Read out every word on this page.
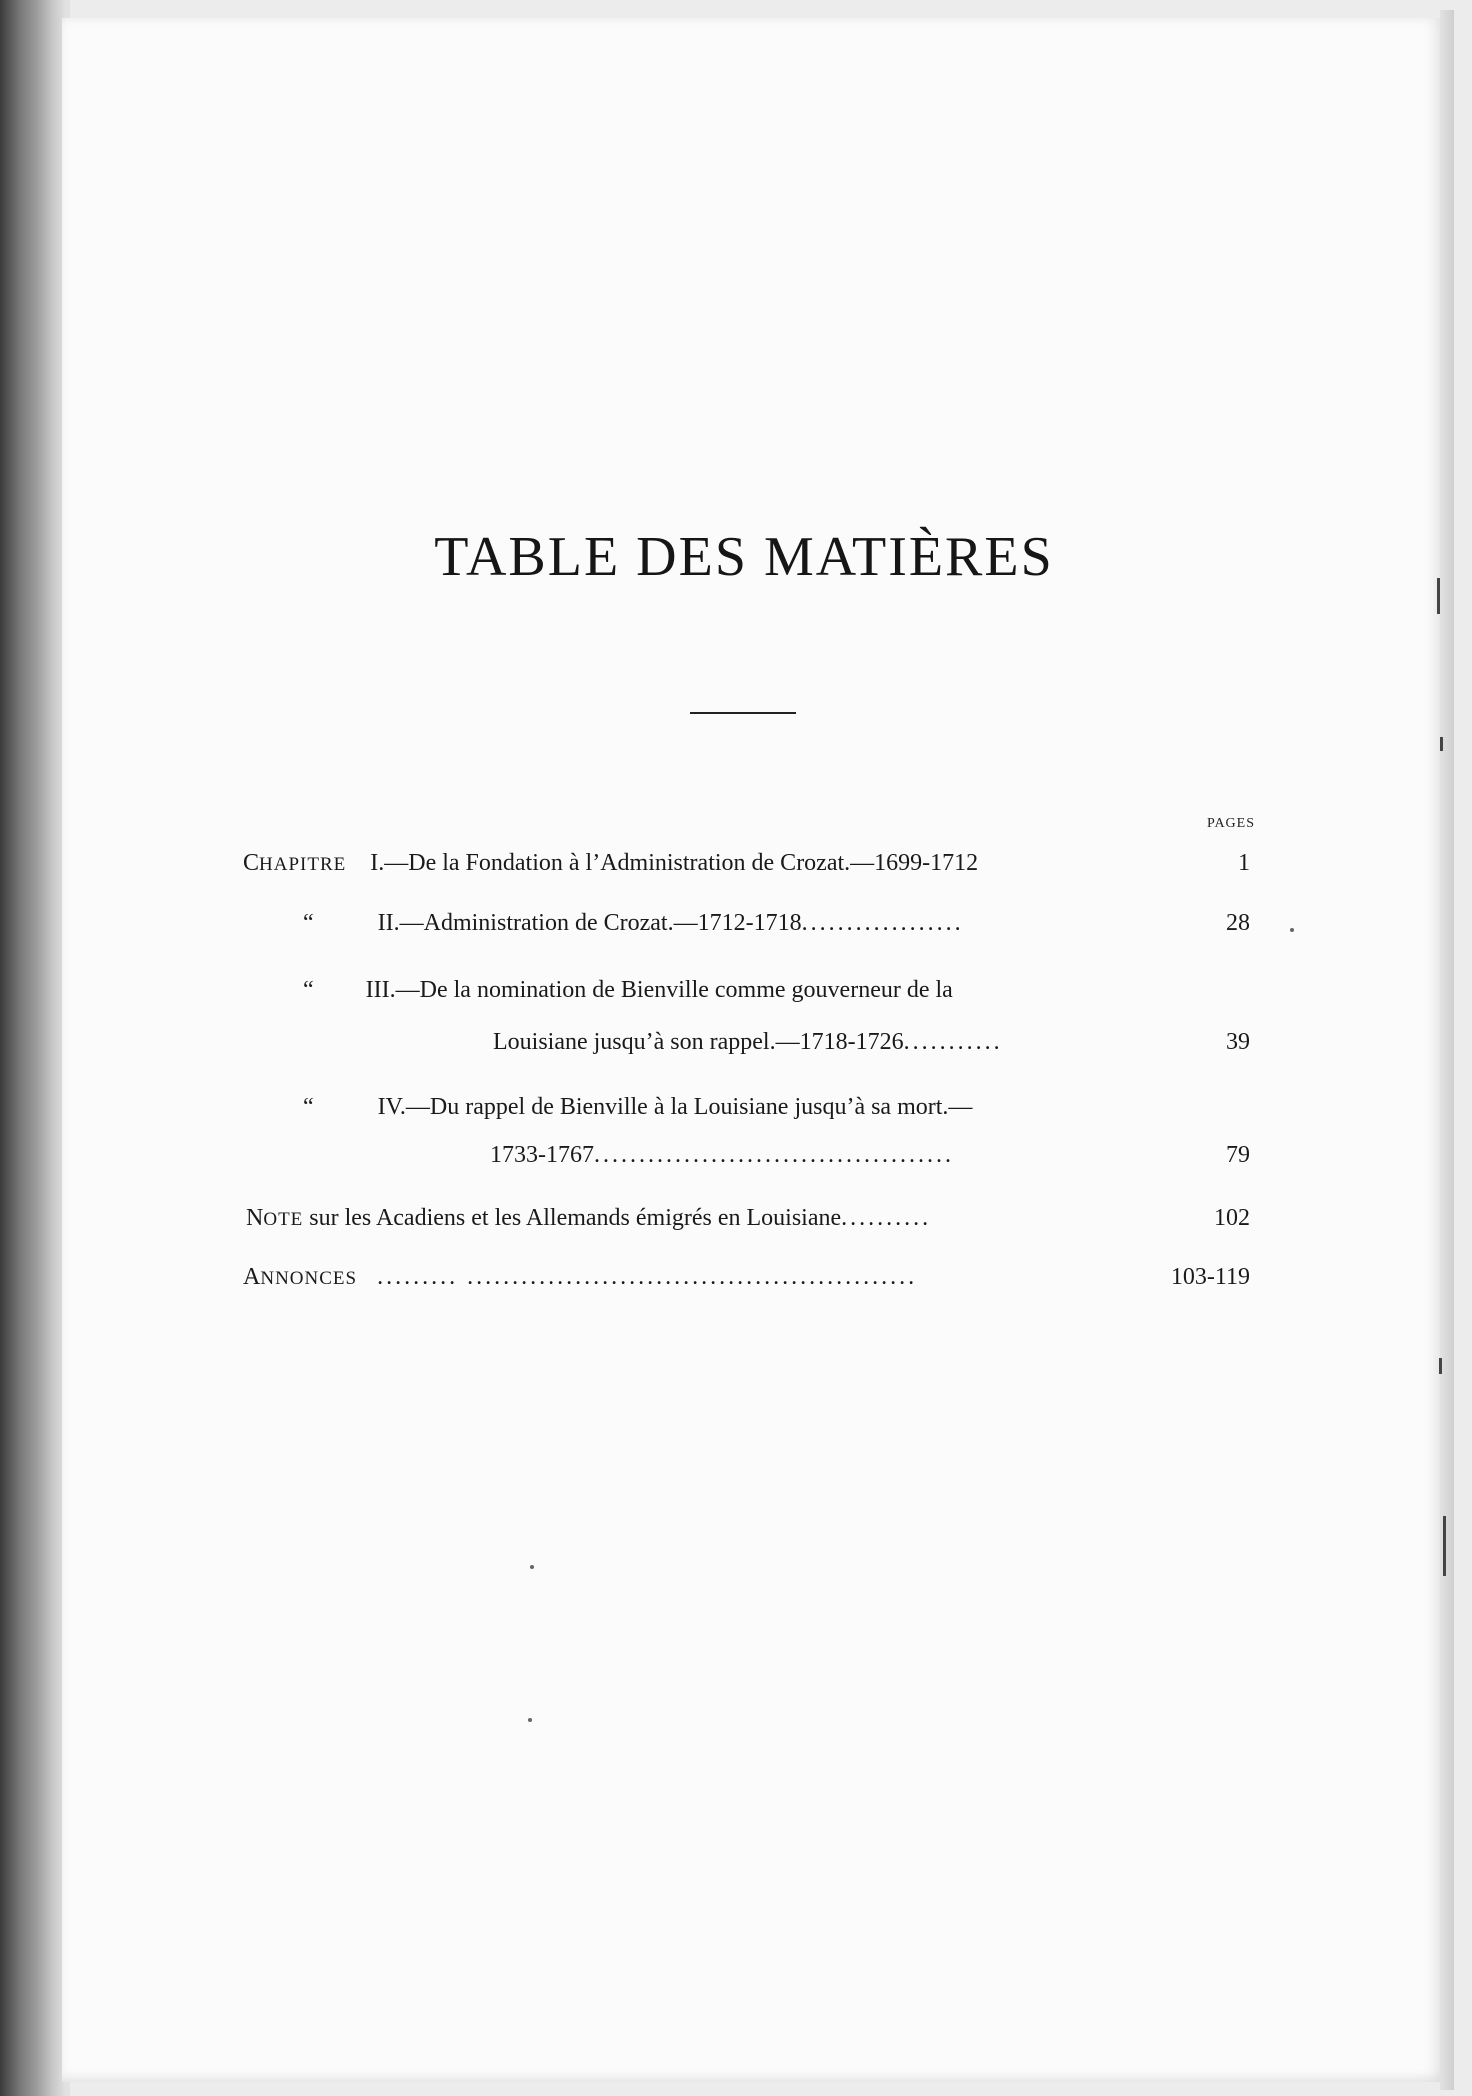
TABLE DES MATIÈRES
PAGES
CHAPITRE I.—De la Fondation à l’Administration de Crozat.—1699-1712	1
“	II.—Administration de Crozat.—1712-1718..................	28
“ III.—De la nomination de Bienville comme gouverneur de la
Louisiane jusqu’à son rappel.—1718-1726...........	39
“	IV.—Du rappel de Bienville à la Louisiane jusqu’à sa mort.—
1733-1767........................................	79
NOTE sur les Acadiens et les Allemands émigrés en Louisiane..........	102
ANNONCES ......... ..................................................	103-119
